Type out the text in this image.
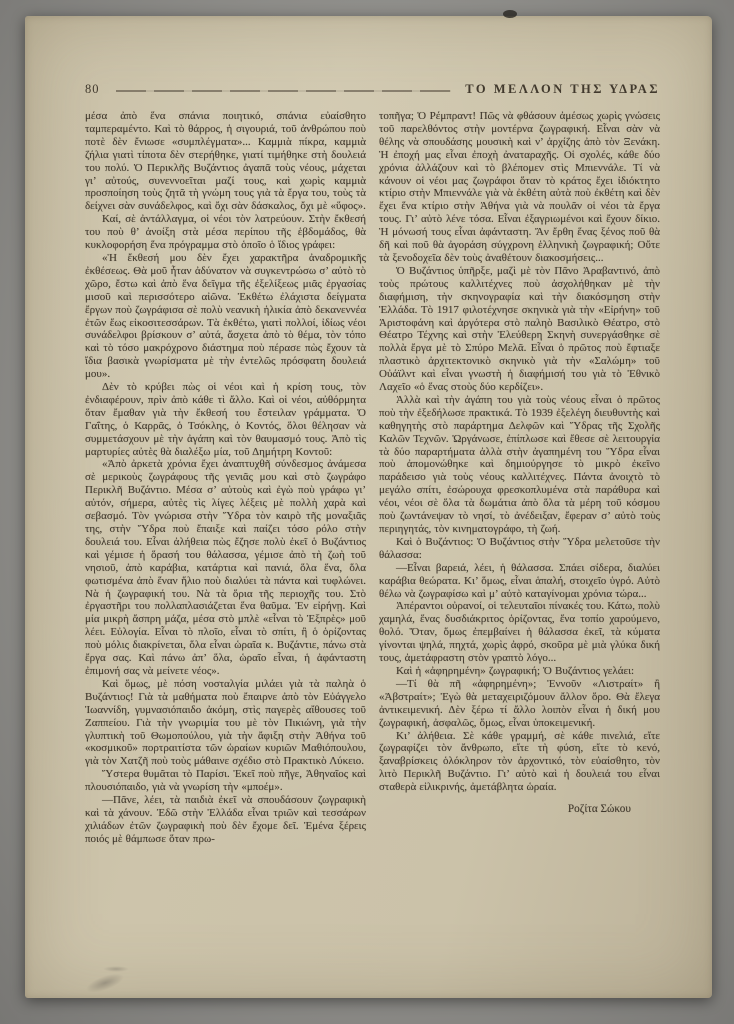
80	ΤΟ ΜΕΛΛΟΝ ΤΗΣ ΥΔΡΑΣ

μέσα ἀπὸ ἕνα σπάνια ποιητικό, σπάνια εὐαίσθητο ταμπεραμέντο. Καὶ τὸ θάρρος, ἡ σιγουριά, τοῦ ἀνθρώπου ποὺ ποτὲ δὲν ἔνιωσε «συμπλέγματα»... Καμμιὰ πίκρα, καμμιὰ ζήλια γιατὶ τίποτα δὲν στερήθηκε, γιατί τιμήθηκε στὴ δουλειά του πολύ. Ὁ Περικλῆς Βυζάντιος ἀγαπᾶ τοὺς νέους, μάχεται γι’ αὐτούς, συνεννοεῖται μαζί τους, καὶ χωρὶς καμμιὰ προσποίηση τοὺς ζητᾶ τὴ γνώμη τους γιὰ τὰ ἔργα του, τοὺς τὰ δείχνει σὰν συνάδελφος, καὶ ὄχι σὰν δάσκαλος, ὄχι μὲ «ὕφος».

Καί, σὲ ἀντάλλαγμα, οἱ νέοι τὸν λατρεύουν. Στὴν ἔκθεσή του ποὺ θ’ ἀνοίξη στὰ μέσα περίπου τῆς ἑβδομάδος, θὰ κυκλοφορήση ἕνα πρόγραμμα στὸ ὁποῖο ὁ ἴδιος γράφει:

«Ἡ ἔκθεσή μου δὲν ἔχει χαρακτῆρα ἀναδρομικῆς ἐκθέσεως. Θὰ μοῦ ἦταν ἀδύνατον νὰ συγκεντρώσω σ’ αὐτὸ τὸ χῶρο, ἔστω καὶ ἀπὸ ἕνα δεῖγμα τῆς ἐξελίξεως μιᾶς ἐργασίας μισοῦ καὶ περισσότερο αἰῶνα. Ἐκθέτω ἐλάχιστα δείγματα ἔργων ποὺ ζωγράφισα σὲ πολὺ νεανικὴ ἡλικία ἀπὸ δεκανεννέα ἐτῶν ἕως εἰκοσιτεσσάρων. Τὰ ἐκθέτω, γιατὶ πολλοί, ἰδίως νέοι συνάδελφοι βρίσκουν σ’ αὐτά, ἄσχετα ἀπὸ τὸ θέμα, τὸν τόπο καὶ τὸ τόσο μακρόχρονο διάστημα ποὺ πέρασε πὼς ἔχουν τὰ ἴδια βασικὰ γνωρίσματα μὲ τὴν ἐντελῶς πρόσφατη δουλειά μου».

Δὲν τὸ κρύβει πὼς οἱ νέοι καὶ ἡ κρίση τους, τὸν ἐνδιαφέρουν, πρὶν ἀπὸ κάθε τὶ ἄλλο. Καὶ οἱ νέοι, αὐθόρμητα ὅταν ἔμαθαν γιὰ τὴν ἔκθεσή του ἔστειλαν γράμματα. Ὁ Γαΐτης, ὁ Καρρᾶς, ὁ Τσόκλης, ὁ Κοντός, ὅλοι θέλησαν νὰ συμμετάσχουν μὲ τὴν ἀγάπη καὶ τὸν θαυμασμό τους. Ἀπὸ τὶς μαρτυρίες αὐτὲς θὰ διαλέξω μία, τοῦ Δημήτρη Κοντοῦ:

«Ἀπὸ ἀρκετὰ χρόνια ἔχει ἀναπτυχθῆ σύνδεσμος ἀνάμεσα σὲ μερικοὺς ζωγράφους τῆς γενιᾶς μου καὶ στὸ ζωγράφο Περικλῆ Βυζάντιο. Μέσα σ’ αὐτοὺς καὶ ἐγὼ ποὺ γράφω γι’ αὐτόν, σήμερα, αὐτὲς τὶς λίγες λέξεις μὲ πολλὴ χαρὰ καὶ σεβασμό. Τὸν γνώρισα στὴν Ὕδρα τὸν καιρὸ τῆς μοναξιᾶς της, στὴν Ὕδρα ποὺ ἔπαιξε καὶ παίζει τόσο ρόλο στὴν δουλειά του. Εἶναι ἀλήθεια πὼς ἔζησε πολὺ ἐκεῖ ὁ Βυζάντιος καὶ γέμισε ἡ ὅρασή του θάλασσα, γέμισε ἀπὸ τὴ ζωὴ τοῦ νησιοῦ, ἀπὸ καράβια, κατάρτια καὶ πανιά, ὅλα ἕνα, ὅλα φωτισμένα ἀπὸ ἕναν ἥλιο ποὺ διαλύει τὰ πάντα καὶ τυφλώνει. Νὰ ἡ ζωγραφική του. Νὰ τὰ ὅρια τῆς περιοχῆς του. Στὸ ἐργαστῆρι του πολλαπλασιάζεται ἕνα θαῦμα. Ἐν εἰρήνῃ. Καὶ μία μικρὴ ἄσπρη μάζα, μέσα στὸ μπλὲ «εἶναι τὸ Ἐξπρὲς» μοῦ λέει. Εὐλογία. Εἶναι τὸ πλοῖο, εἶναι τὸ σπίτι, ἢ ὁ ὁρίζοντας ποὺ μόλις διακρίνεται, ὅλα εἶναι ὡραῖα κ. Βυζάντιε, πάνω στὰ ἔργα σας. Καὶ πάνω ἀπ’ ὅλα, ὡραῖο εἶναι, ἡ ἀφάνταστη ἐπιμονή σας νὰ μείνετε νέος».

Καὶ ὅμως, μὲ πόση νοσταλγία μιλάει γιὰ τὰ παληὰ ὁ Βυζάντιος! Γιὰ τὰ μαθήματα ποὺ ἔπαιρνε ἀπὸ τὸν Εὐάγγελο Ἰωαννίδη, γυμνασιόπαιδο ἀκόμη, στὶς παγερὲς αἴθουσες τοῦ Ζαππείου. Γιὰ τὴν γνωριμία του μὲ τὸν Πικιώνη, γιὰ τὴν γλυπτικὴ τοῦ Θωμοπούλου, γιὰ τὴν ἄφιξη στὴν Ἀθήνα τοῦ «κοσμικοῦ» πορτραιτίστα τῶν ὡραίων κυριῶν Μαθιόπουλου, γιὰ τὸν Χατζῆ ποὺ τοὺς μάθαινε σχέδιο στὸ Πρακτικὸ Λύκειο.

Ὕστερα θυμᾶται τὸ Παρίσι. Ἐκεῖ ποὺ πῆγε, Ἀθηναῖος καὶ πλουσιόπαιδο, γιὰ νὰ γνωρίση τὴν «μποέμ».

—Πᾶνε, λέει, τὰ παιδιὰ ἐκεῖ νὰ σπουδάσουν ζωγραφικὴ καὶ τὰ χάνουν. Ἐδῶ στὴν Ἑλλάδα εἶναι τριῶν καὶ τεσσάρων χιλιάδων ἐτῶν ζωγραφικὴ ποὺ δὲν ἔχομε δεῖ. Ἐμένα ξέρεις ποιός μὲ θάμπωσε ὅταν πρω-

τοπῆγα; Ὁ Ρέμπραντ! Πῶς νὰ φθάσουν ἀμέσως χωρὶς γνώσεις τοῦ παρελθόντος στὴν μοντέρνα ζωγραφική. Εἶναι σὰν νὰ θέλης νὰ σπουδάσης μουσικὴ καὶ ν’ ἀρχίζης ἀπὸ τὸν Ξενάκη. Ἡ ἐποχή μας εἶναι ἐποχὴ ἀναταραχῆς. Οἱ σχολές, κάθε δύο χρόνια ἀλλάζουν καὶ τὸ βλέπομεν στὶς Μπιεννάλε. Τί νὰ κάνουν οἱ νέοι μας ζωγράφοι ὅταν τὸ κράτος ἔχει ἰδιόκτητο κτίριο στὴν Μπιεννάλε γιὰ νὰ ἐκθέτη αὐτὰ ποὺ ἐκθέτη καὶ δὲν ἔχει ἕνα κτίριο στὴν Ἀθήνα γιὰ νὰ πουλᾶν οἱ νέοι τὰ ἔργα τους. Γι’ αὐτὸ λένε τόσα. Εἶναι ἐξαγριωμένοι καὶ ἔχουν δίκιο. Ἡ μόνωσή τους εἶναι ἀφάνταστη. Ἄν ἔρθη ἕνας ξένος ποῦ θὰ δῆ καὶ ποῦ θὰ ἀγοράση σύγχρονη ἑλληνικὴ ζωγραφική; Οὔτε τὰ ξενοδοχεῖα δὲν τοὺς ἀναθέτουν διακοσμήσεις...

Ὁ Βυζάντιος ὑπῆρξε, μαζὶ μὲ τὸν Πᾶνο Ἀραβαντινό, ἀπὸ τοὺς πρώτους καλλιτέχνες ποὺ ἀσχολήθηκαν μὲ τὴν διαφήμιση, τὴν σκηνογραφία καὶ τὴν διακόσμηση στὴν Ἑλλάδα. Τὸ 1917 φιλοτέχνησε σκηνικὰ γιὰ τὴν «Εἰρήνη» τοῦ Ἀριστοφάνη καὶ ἀργότερα στὸ παληὸ Βασιλικὸ Θέατρο, στὸ Θέατρο Τέχνης καὶ στὴν Ἐλεύθερη Σκηνὴ συνεργάσθηκε σὲ πολλὰ ἔργα μὲ τὸ Σπύρο Μελᾶ. Εἶναι ὁ πρῶτος ποὺ ἔφτιαξε πλαστικὸ ἀρχιτεκτονικὸ σκηνικὸ γιὰ τὴν «Σαλώμη» τοῦ Οὐάϊλντ καὶ εἶναι γνωστὴ ἡ διαφήμισή του γιὰ τὸ Ἐθνικὸ Λαχεῖο «ὁ ἕνας στοὺς δύο κερδίζει».

Ἀλλὰ καὶ τὴν ἀγάπη του γιὰ τοὺς νέους εἶναι ὁ πρῶτος ποὺ τὴν ἐξεδήλωσε πρακτικά. Τὸ 1939 ἐξελέγη διευθυντὴς καὶ καθηγητὴς στὸ παράρτημα Δελφῶν καὶ Ὕδρας τῆς Σχολῆς Καλῶν Τεχνῶν. Ὠργάνωσε, ἐπίπλωσε καὶ ἔθεσε σὲ λειτουργία τὰ δύο παραρτήματα ἀλλὰ στὴν ἀγαπημένη του Ὕδρα εἶναι ποὺ ἀπομονώθηκε καὶ δημιούργησε τὸ μικρὸ ἐκεῖνο παράδεισο γιὰ τοὺς νέους καλλιτέχνες. Πάντα ἀνοιχτὸ τὸ μεγάλο σπίτι, ἐσώρουχα φρεσκοπλυμένα στὰ παράθυρα καὶ νέοι, νέοι σὲ ὅλα τὰ δωμάτια ἀπὸ ὅλα τὰ μέρη τοῦ κόσμου ποὺ ζωντάνεψαν τὸ νησί, τὸ ἀνέδειξαν, ἔφεραν σ’ αὐτὸ τοὺς περιηγητάς, τὸν κινηματογράφο, τὴ ζωή.

Καὶ ὁ Βυζάντιος: Ὁ Βυζάντιος στὴν Ὕδρα μελετοῦσε τὴν θάλασσα:

—Εἶναι βαρειά, λέει, ἡ θάλασσα. Σπάει σίδερα, διαλύει καράβια θεώρατα. Κι’ ὅμως, εἶναι ἁπαλή, στοιχεῖο ὑγρό. Αὐτὸ θέλω νὰ ζωγραφίσω καὶ μ’ αὐτὸ καταγίνομαι χρόνια τώρα...

Ἀπέραντοι οὐρανοί, οἱ τελευταῖοι πίνακές του. Κάτω, πολὺ χαμηλά, ἕνας δυσδιάκριτος ὁρίζοντας, ἕνα τοπίο χαρούμενο, θολό. Ὅταν, ὅμως ἐπεμβαίνει ἡ θάλασσα ἐκεῖ, τὰ κύματα γίνονται ψηλά, πηχτά, χωρὶς ἀφρό, σκοῦρα μὲ μιὰ γλύκα δική τους, ἀμετάφραστη στὸν γραπτὸ λόγο...

Καὶ ἡ «ἀφηρημένη» ζωγραφική; Ὁ Βυζάντιος γελάει:

—Τί θὰ πῆ «ἀφηρημένη»; Ἐννοῦν «Λιστραίτ» ἢ «Ἀβστραίτ»; Ἐγὼ θὰ μεταχειριζόμουν ἄλλον ὅρο. Θὰ ἔλεγα ἀντικειμενική. Δὲν ξέρω τί ἄλλο λοιπὸν εἶναι ἡ δική μου ζωγραφική, ἀσφαλῶς, ὅμως, εἶναι ὑποκειμενική.

Κι’ ἀλήθεια. Σὲ κάθε γραμμή, σὲ κάθε πινελιά, εἴτε ζωγραφίζει τὸν ἄνθρωπο, εἴτε τὴ φύση, εἴτε τὸ κενό, ξαναβρίσκεις ὁλόκληρον τὸν ἀρχοντικό, τὸν εὐαίσθητο, τὸν λιτὸ Περικλῆ Βυζάντιο. Γι’ αὐτὸ καὶ ἡ δουλειά του εἶναι σταθερὰ εἰλικρινής, ἀμετάβλητα ὡραία.

Ροζίτα Σώκου
